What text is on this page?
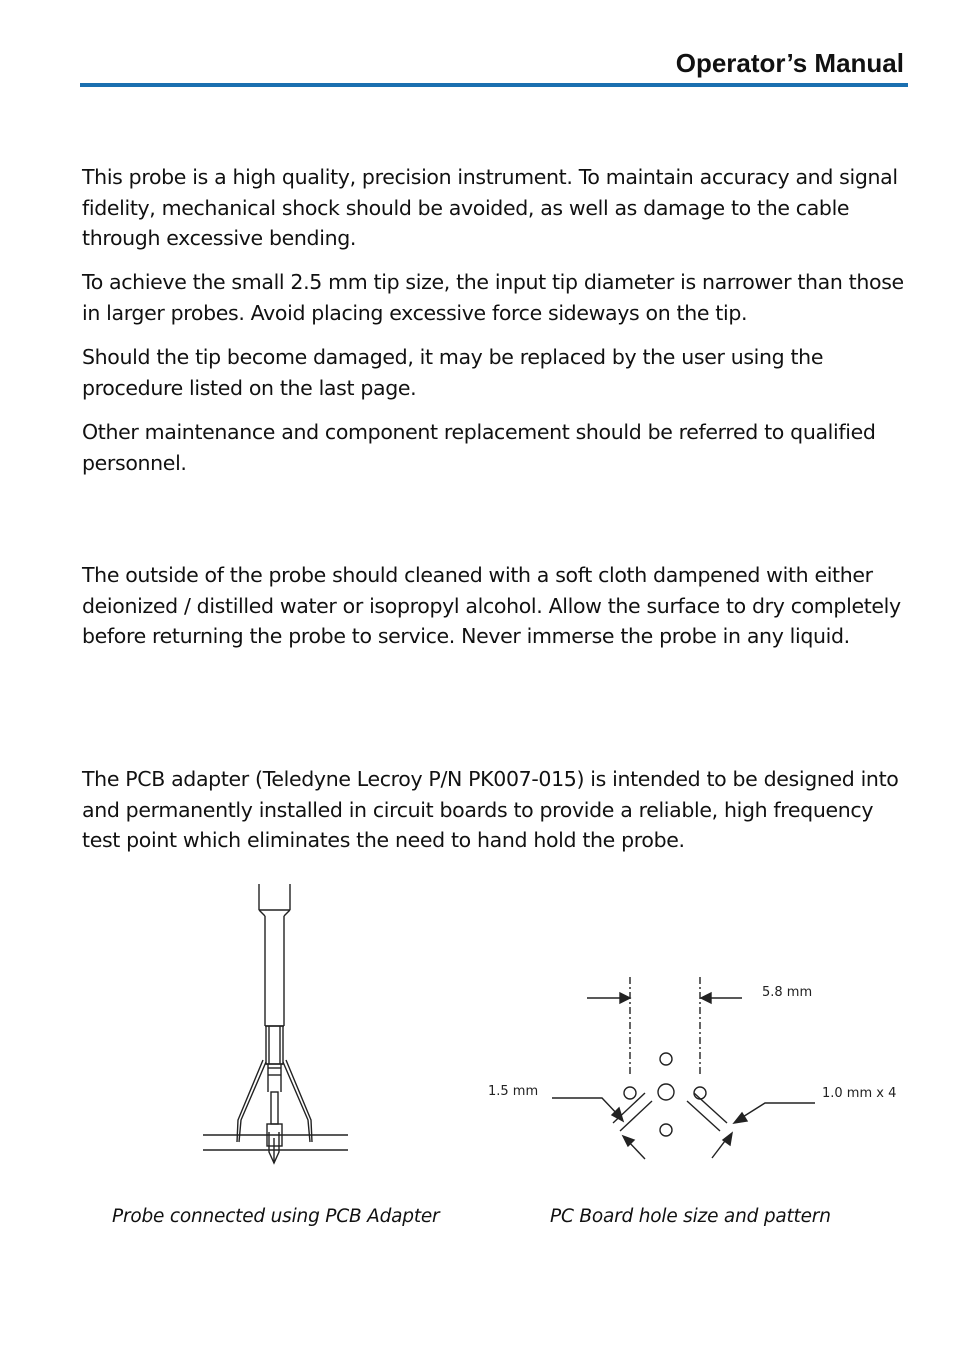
Operator’s Manual

This probe is a high quality, precision instrument. To maintain accuracy and signal fidelity, mechanical shock should be avoided, as well as damage to the cable through excessive bending.

To achieve the small 2.5 mm tip size, the input tip diameter is narrower than those in larger probes. Avoid placing excessive force sideways on the tip.

Should the tip become damaged, it may be replaced by the user using the procedure listed on the last page.

Other maintenance and component replacement should be referred to qualified personnel.

The outside of the probe should cleaned with a soft cloth dampened with either deionized / distilled water or isopropyl alcohol. Allow the surface to dry completely before returning the probe to service. Never immerse the probe in any liquid.

The PCB adapter (Teledyne Lecroy P/N PK007-015) is intended to be designed into and permanently installed in circuit boards to provide a reliable, high frequency test point which eliminates the need to hand hold the probe.

5.8 mm
1.5 mm	1.0 mm x 4
Probe connected using PCB Adapter	PC Board hole size and pattern
